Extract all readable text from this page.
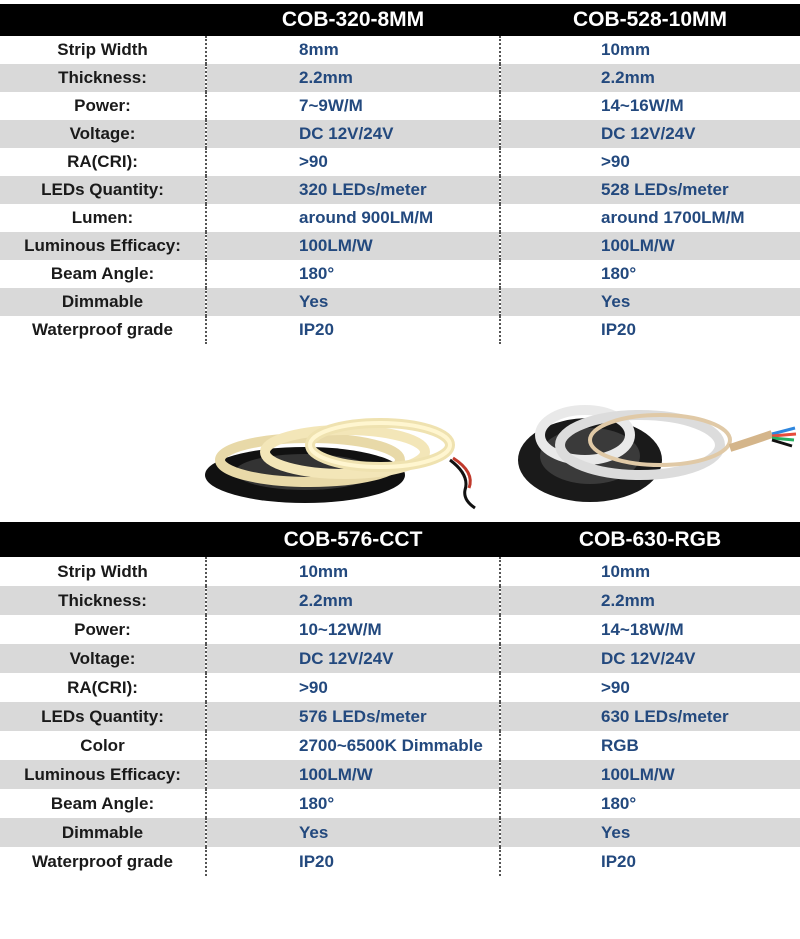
	COB-320-8MM	COB-528-10MM
Strip Width	8mm	10mm
Thickness:	2.2mm	2.2mm
Power:	7~9W/M	14~16W/M
Voltage:	DC 12V/24V	DC 12V/24V
RA(CRI):	>90	>90
LEDs Quantity:	320 LEDs/meter	528 LEDs/meter
Lumen:	around 900LM/M	around 1700LM/M
Luminous Efficacy:	100LM/W	100LM/W
Beam Angle:	180°	180°
Dimmable	Yes	Yes
Waterproof grade	IP20	IP20
	COB-576-CCT	COB-630-RGB
Strip Width	10mm	10mm
Thickness:	2.2mm	2.2mm
Power:	10~12W/M	14~18W/M
Voltage:	DC 12V/24V	DC 12V/24V
RA(CRI):	>90	>90
LEDs Quantity:	576 LEDs/meter	630 LEDs/meter
Color	2700~6500K Dimmable	RGB
Luminous Efficacy:	100LM/W	100LM/W
Beam Angle:	180°	180°
Dimmable	Yes	Yes
Waterproof grade	IP20	IP20
